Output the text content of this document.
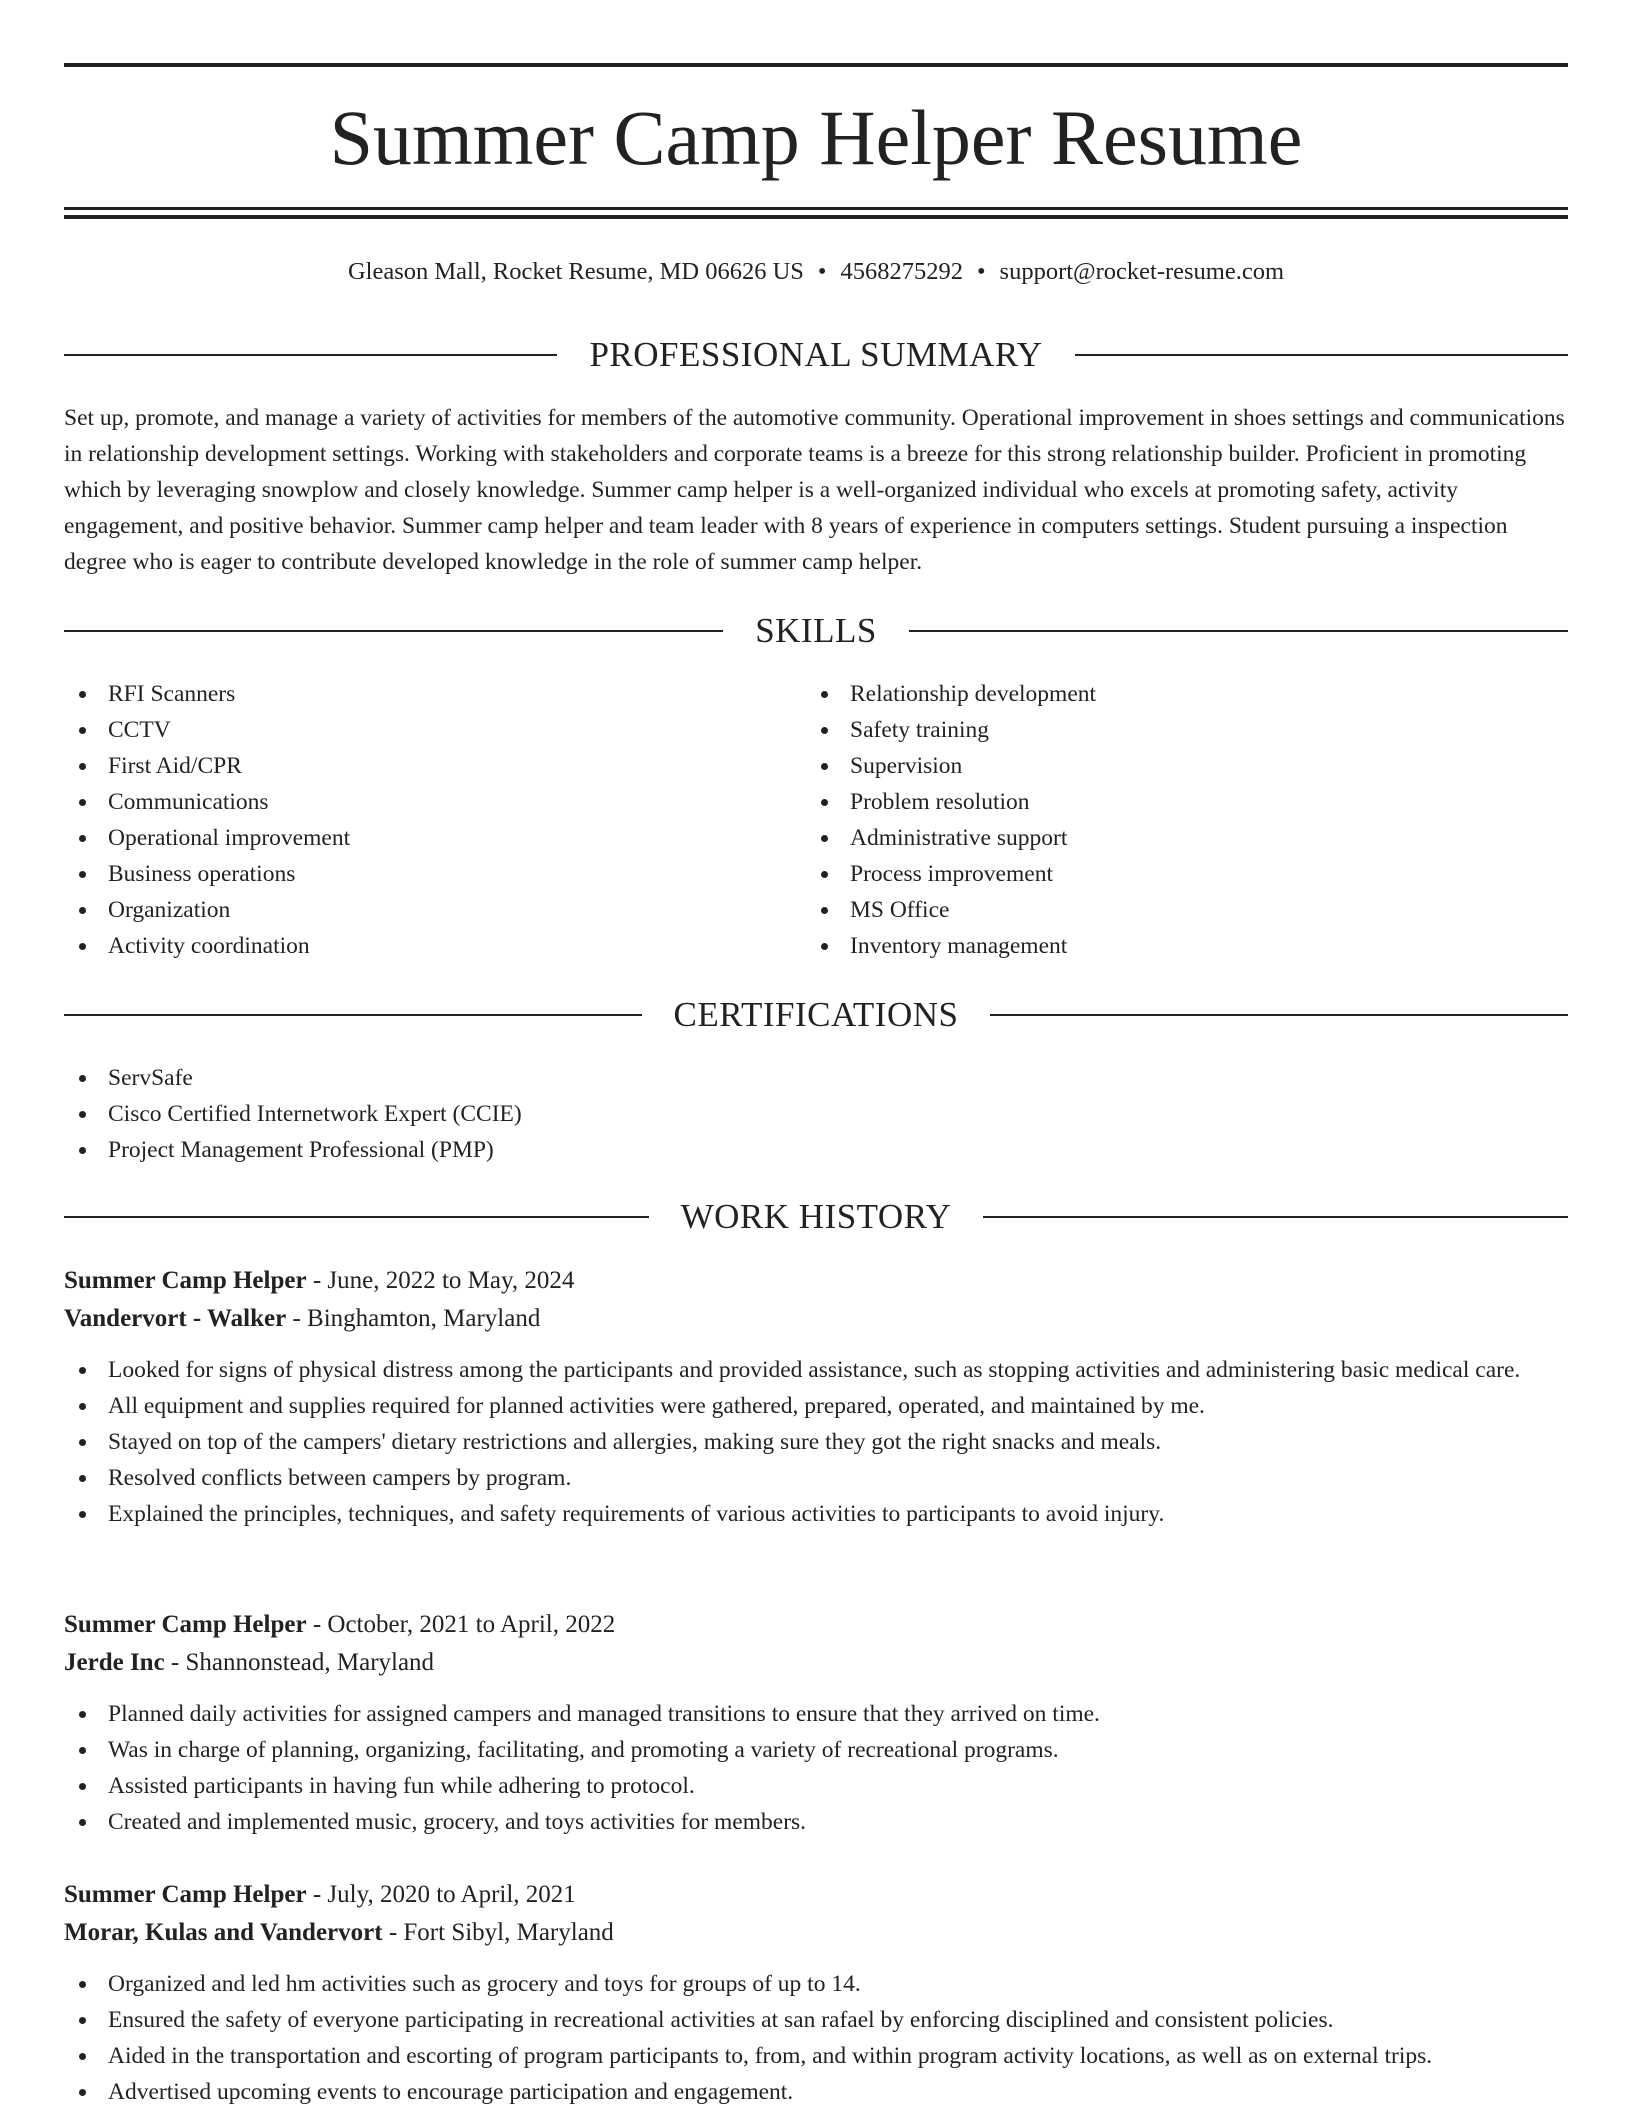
Summer Camp Helper Resume
Gleason Mall, Rocket Resume, MD 06626 US • 4568275292 • support@rocket-resume.com
PROFESSIONAL SUMMARY

Set up, promote, and manage a variety of activities for members of the automotive community. Operational improvement in shoes settings and communications in relationship development settings. Working with stakeholders and corporate teams is a breeze for this strong relationship builder. Proficient in promoting which by leveraging snowplow and closely knowledge. Summer camp helper is a well-organized individual who excels at promoting safety, activity engagement, and positive behavior. Summer camp helper and team leader with 8 years of experience in computers settings. Student pursuing a inspection degree who is eager to contribute developed knowledge in the role of summer camp helper.

SKILLS
RFI Scanners
CCTV
First Aid/CPR
Communications
Operational improvement
Business operations
Organization
Activity coordination
Relationship development
Safety training
Supervision
Problem resolution
Administrative support
Process improvement
MS Office
Inventory management
CERTIFICATIONS
ServSafe
Cisco Certified Internetwork Expert (CCIE)
Project Management Professional (PMP)
WORK HISTORY
Summer Camp Helper - June, 2022 to May, 2024
Vandervort - Walker - Binghamton, Maryland
Looked for signs of physical distress among the participants and provided assistance, such as stopping activities and administering basic medical care.
All equipment and supplies required for planned activities were gathered, prepared, operated, and maintained by me.
Stayed on top of the campers' dietary restrictions and allergies, making sure they got the right snacks and meals.
Resolved conflicts between campers by program.
Explained the principles, techniques, and safety requirements of various activities to participants to avoid injury.
Summer Camp Helper - October, 2021 to April, 2022
Jerde Inc - Shannonstead, Maryland
Planned daily activities for assigned campers and managed transitions to ensure that they arrived on time.
Was in charge of planning, organizing, facilitating, and promoting a variety of recreational programs.
Assisted participants in having fun while adhering to protocol.
Created and implemented music, grocery, and toys activities for members.
Summer Camp Helper - July, 2020 to April, 2021
Morar, Kulas and Vandervort - Fort Sibyl, Maryland
Organized and led hm activities such as grocery and toys for groups of up to 14.
Ensured the safety of everyone participating in recreational activities at san rafael by enforcing disciplined and consistent policies.
Aided in the transportation and escorting of program participants to, from, and within program activity locations, as well as on external trips.
Advertised upcoming events to encourage participation and engagement.
